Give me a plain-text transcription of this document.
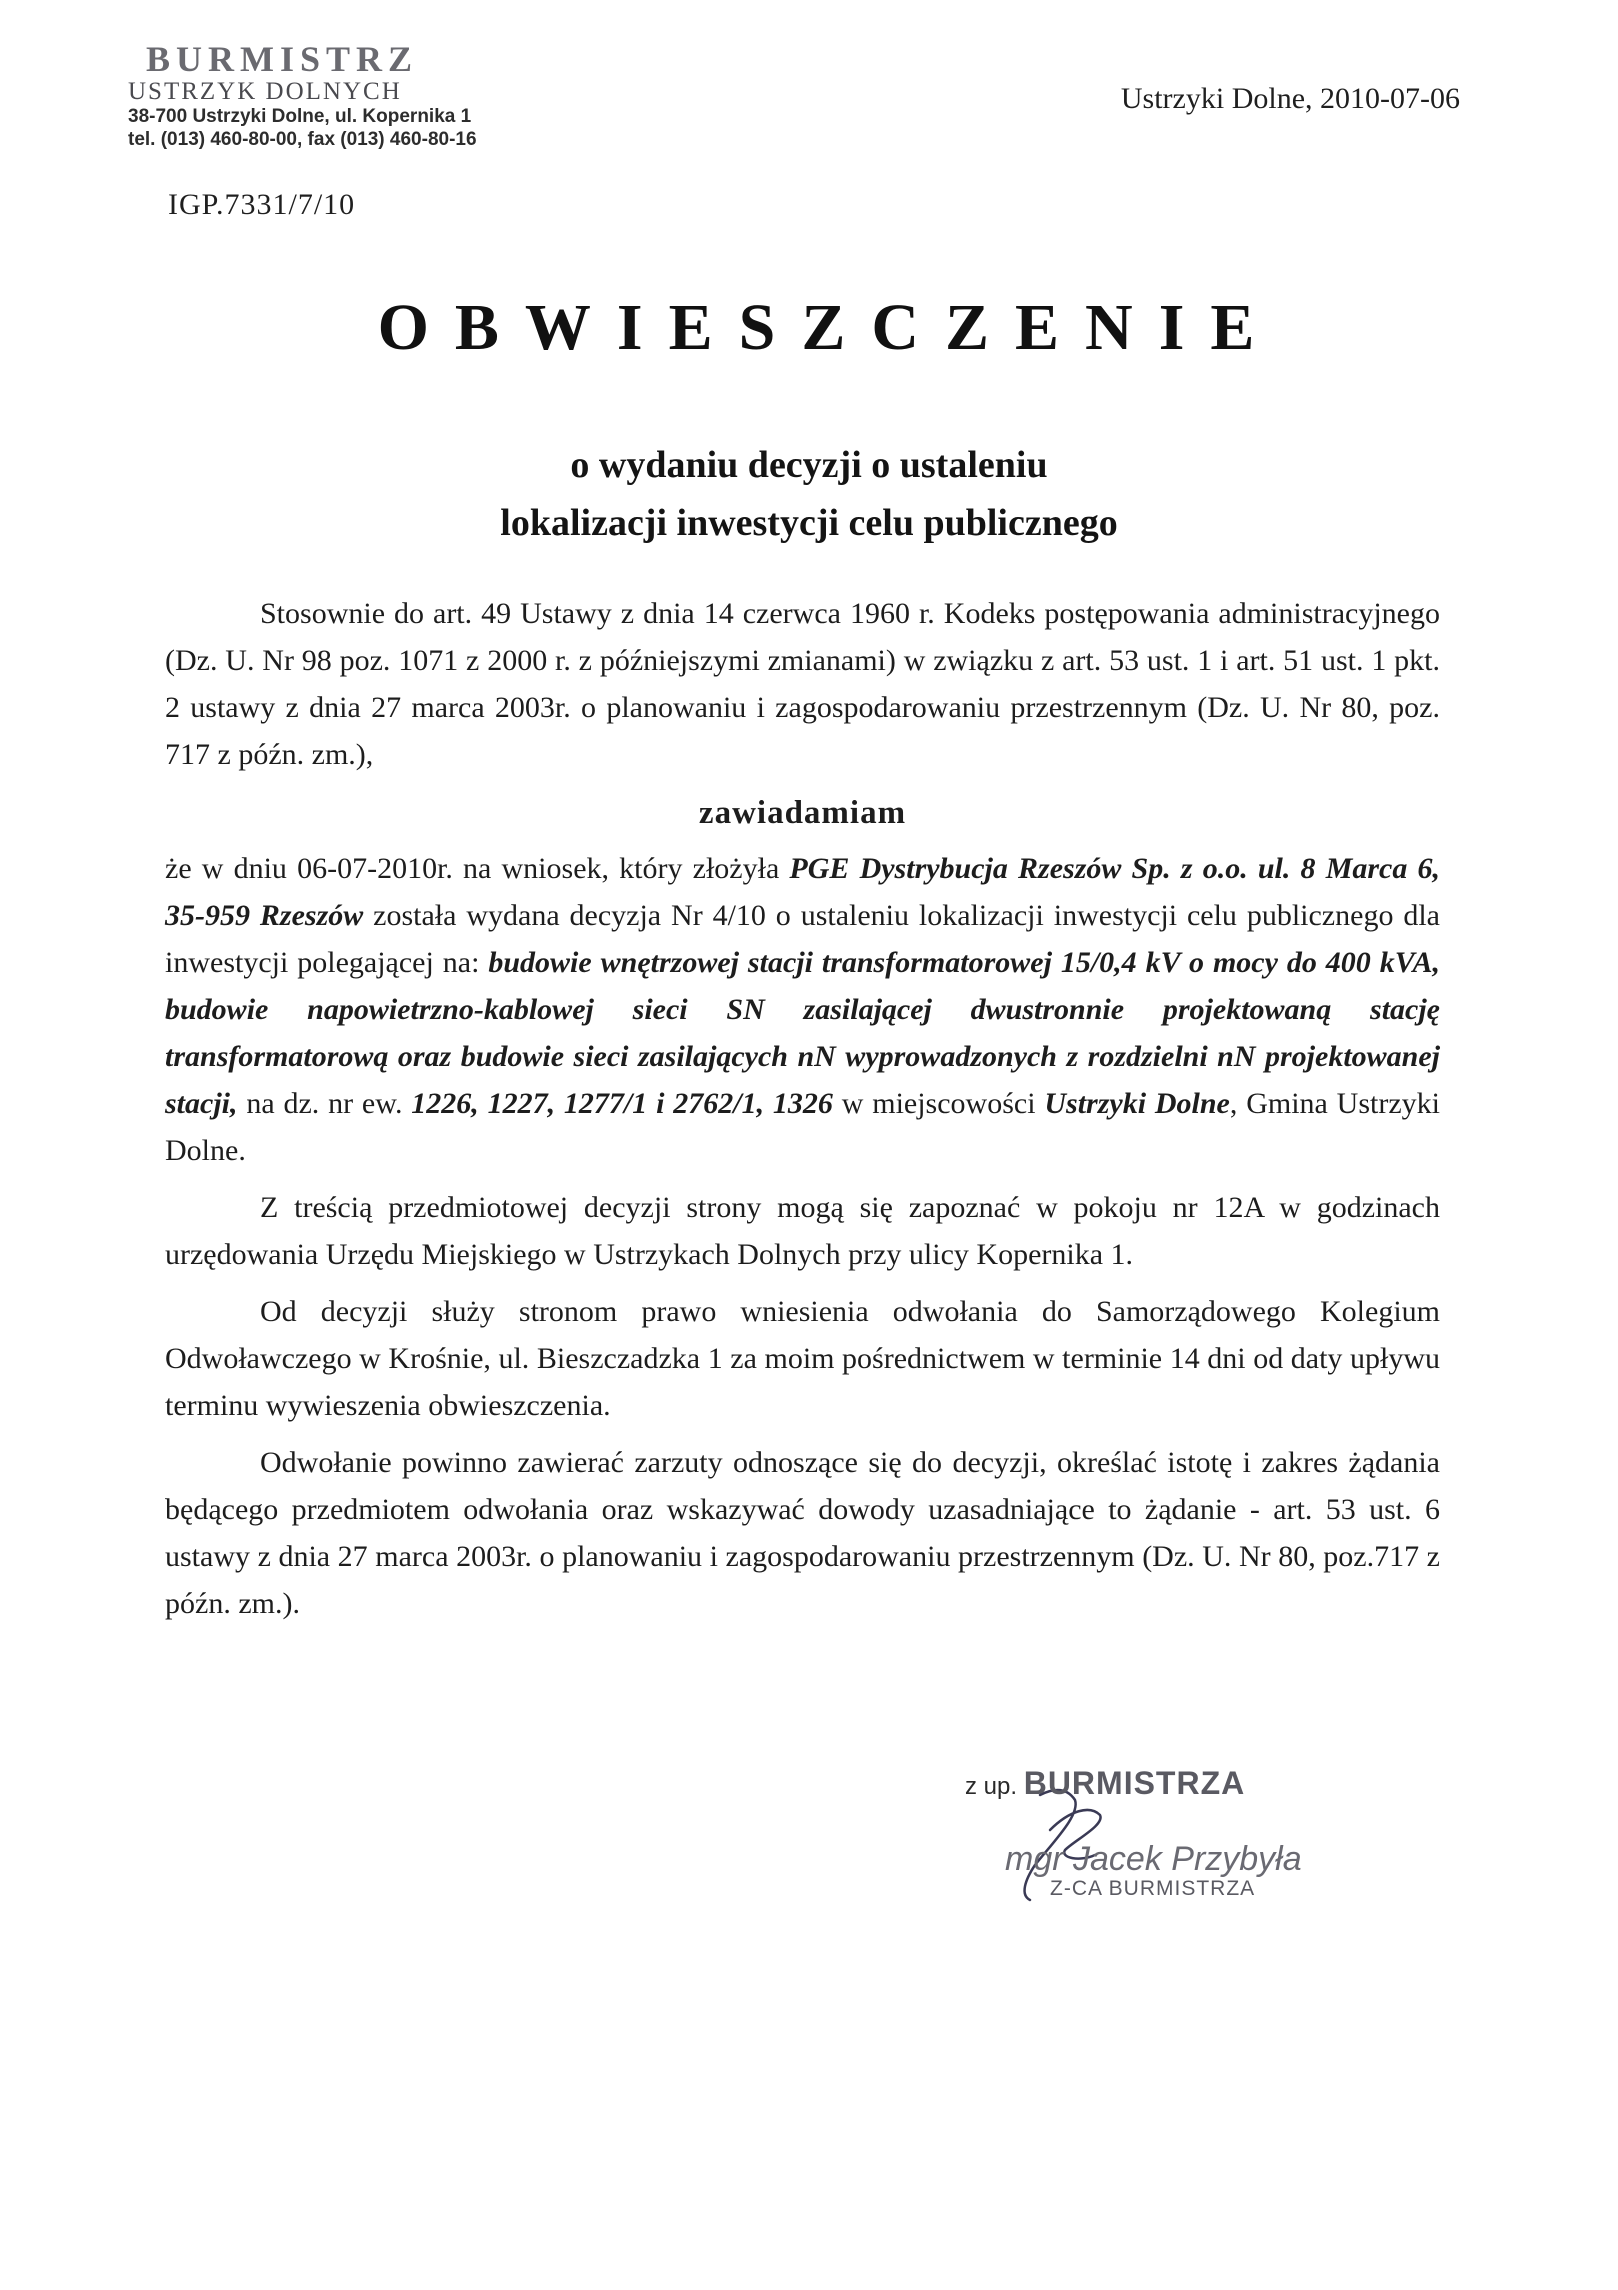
BURMISTRZ
USTRZYK DOLNYCH
38-700 Ustrzyki Dolne, ul. Kopernika 1
tel. (013) 460-80-00, fax (013) 460-80-16
Ustrzyki Dolne, 2010-07-06
IGP.7331/7/10
OBWIESZCZENIE
o wydaniu decyzji o ustaleniu
lokalizacji inwestycji celu publicznego

Stosownie do art. 49 Ustawy z dnia 14 czerwca 1960 r. Kodeks postępowania administracyjnego (Dz. U. Nr 98 poz. 1071 z 2000 r. z późniejszymi zmianami) w związku z art. 53 ust. 1 i art. 51 ust. 1 pkt. 2 ustawy z dnia 27 marca 2003r. o planowaniu i zagospodarowaniu przestrzennym (Dz. U. Nr 80, poz. 717 z późn. zm.),

zawiadamiam

że w dniu 06-07-2010r. na wniosek, który złożyła PGE Dystrybucja Rzeszów Sp. z o.o. ul. 8 Marca 6, 35-959 Rzeszów została wydana decyzja Nr 4/10 o ustaleniu lokalizacji inwestycji celu publicznego dla inwestycji polegającej na: budowie wnętrzowej stacji transformatorowej 15/0,4 kV o mocy do 400 kVA, budowie napowietrzno-kablowej sieci SN zasilającej dwustronnie projektowaną stację transformatorową oraz budowie sieci zasilających nN wyprowadzonych z rozdzielni nN projektowanej stacji, na dz. nr ew. 1226, 1227, 1277/1 i 2762/1, 1326 w miejscowości Ustrzyki Dolne, Gmina Ustrzyki Dolne.

Z treścią przedmiotowej decyzji strony mogą się zapoznać w pokoju nr 12A w godzinach urzędowania Urzędu Miejskiego w Ustrzykach Dolnych przy ulicy Kopernika 1.

Od decyzji służy stronom prawo wniesienia odwołania do Samorządowego Kolegium Odwoławczego w Krośnie, ul. Bieszczadzka 1 za moim pośrednictwem w terminie 14 dni od daty upływu terminu wywieszenia obwieszczenia.

Odwołanie powinno zawierać zarzuty odnoszące się do decyzji, określać istotę i zakres żądania będącego przedmiotem odwołania oraz wskazywać dowody uzasadniające to żądanie - art. 53 ust. 6 ustawy z dnia 27 marca 2003r. o planowaniu i zagospodarowaniu przestrzennym (Dz. U. Nr 80, poz.717 z późn. zm.).

z up. BURMISTRZA
mgr Jacek Przybyła
Z-CA BURMISTRZA
